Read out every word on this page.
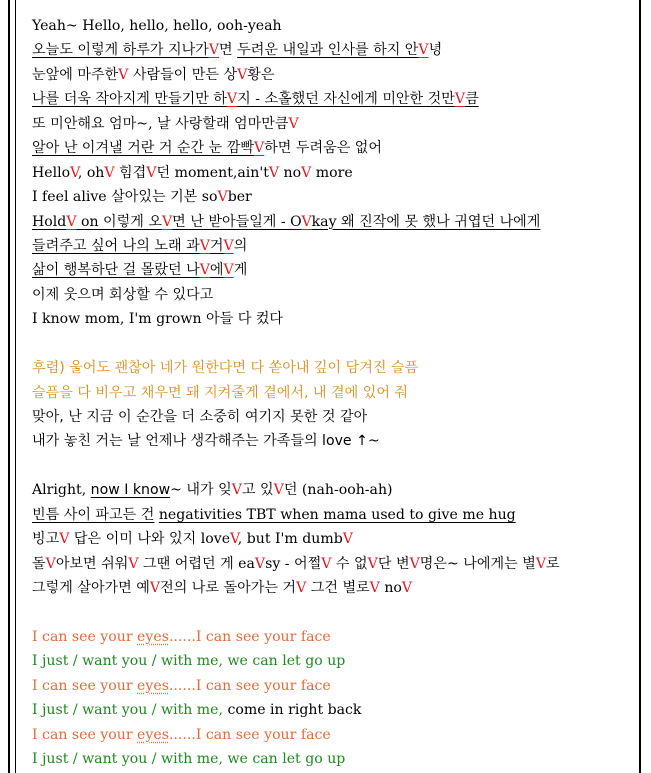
Yeah~ Hello, hello, hello, ooh-yeah
오늘도 이렇게 하루가 지나가V면 두려운 내일과 인사를 하지 안V녕
눈앞에 마주한V 사람들이 만든 상V황은
나를 더욱 작아지게 만들기만 하V지 - 소홀했던 자신에게 미안한 것만V큼
또 미안해요 엄마~, 날 사랑할래 엄마만큼V
알아 난 이겨낼 거란 거 순간 눈 깜빡V하면 두려움은 없어
HelloV, ohV 힘겹V던 moment,ain'tV noV more
I feel alive 살아있는 기본 soVber
HoldV on 이렇게 오V면 난 받아들일게 - OVkay 왜 진작에 못 했나 귀엽던 나에게
들려주고 싶어 나의 노래 과V거V의
삶이 행복하단 걸 몰랐던 나V에V게
이제 웃으며 회상할 수 있다고
I know mom, I'm grown 아들 다 컸다
후렴) 울어도 괜찮아 네가 원한다면 다 쏟아내 깊이 담겨진 슬픔
슬픔을 다 비우고 채우면 돼 지켜줄게 곁에서, 내 곁에 있어 줘
맞아, 난 지금 이 순간을 더 소중히 여기지 못한 것 같아
내가 놓친 거는 날 언제나 생각해주는 가족들의 love ↑~
Alright, now I know~ 내가 잊V고 있V던 (nah-ooh-ah)
빈틈 사이 파고든 건 negativities TBT when mama used to give me hug
빙고V 답은 이미 나와 있지 loveV, but I'm dumbV
돌V아보면 쉬워V 그땐 어렵던 게 eaVsy - 어쩔V 수 없V단 변V명은~ 나에게는 별V로
그렇게 살아가면 예V전의 나로 돌아가는 거V 그건 별로V noV
I can see your eyes......I can see your face
I just / want you / with me, we can let go up
I can see your eyes......I can see your face
I just / want you / with me, come in right back
I can see your eyes......I can see your face
I just / want you / with me, we can let go up
